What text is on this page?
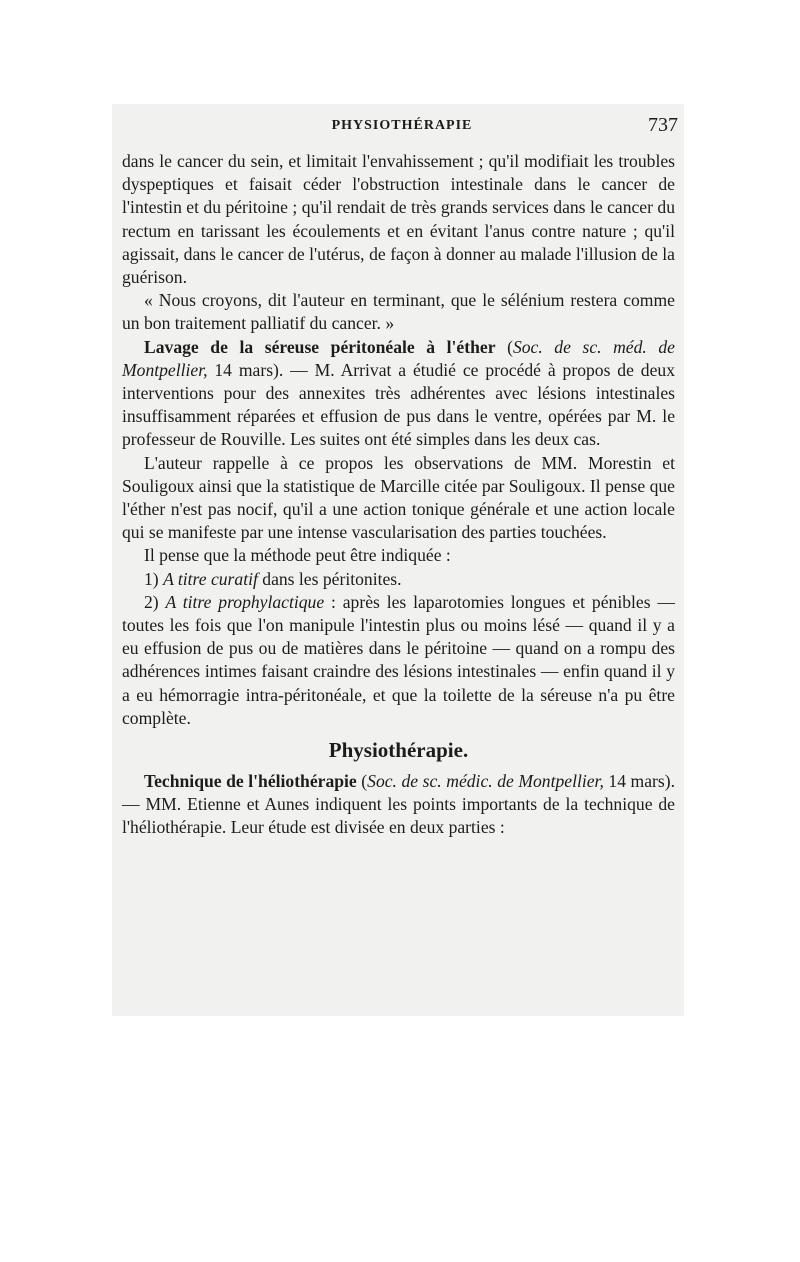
PHYSIOTHÉRAPIE	737

dans le cancer du sein, et limitait l'envahissement ; qu'il modifiait les troubles dyspeptiques et faisait céder l'obstruction intestinale dans le cancer de l'intestin et du péritoine ; qu'il rendait de très grands services dans le cancer du rectum en tarissant les écoulements et en évitant l'anus contre nature ; qu'il agissait, dans le cancer de l'utérus, de façon à donner au malade l'illusion de la guérison.

« Nous croyons, dit l'auteur en terminant, que le sélénium restera comme un bon traitement palliatif du cancer. »

Lavage de la séreuse péritonéale à l'éther (Soc. de sc. méd. de Montpellier, 14 mars). — M. Arrivat a étudié ce procédé à propos de deux interventions pour des annexites très adhérentes avec lésions intestinales insuffisamment réparées et effusion de pus dans le ventre, opérées par M. le professeur de Rouville. Les suites ont été simples dans les deux cas.

L'auteur rappelle à ce propos les observations de MM. Morestin et Souligoux ainsi que la statistique de Marcille citée par Souligoux. Il pense que l'éther n'est pas nocif, qu'il a une action tonique générale et une action locale qui se manifeste par une intense vascularisation des parties touchées.

Il pense que la méthode peut être indiquée :

1) A titre curatif dans les péritonites.

2) A titre prophylactique : après les laparotomies longues et pénibles — toutes les fois que l'on manipule l'intestin plus ou moins lésé — quand il y a eu effusion de pus ou de matières dans le péritoine — quand on a rompu des adhérences intimes faisant craindre des lésions intestinales — enfin quand il y a eu hémorragie intra-péritonéale, et que la toilette de la séreuse n'a pu être complète.

Physiothérapie.

Technique de l'héliothérapie (Soc. de sc. médic. de Montpellier, 14 mars). — MM. Etienne et Aunes indiquent les points importants de la technique de l'héliothérapie. Leur étude est divisée en deux parties :
